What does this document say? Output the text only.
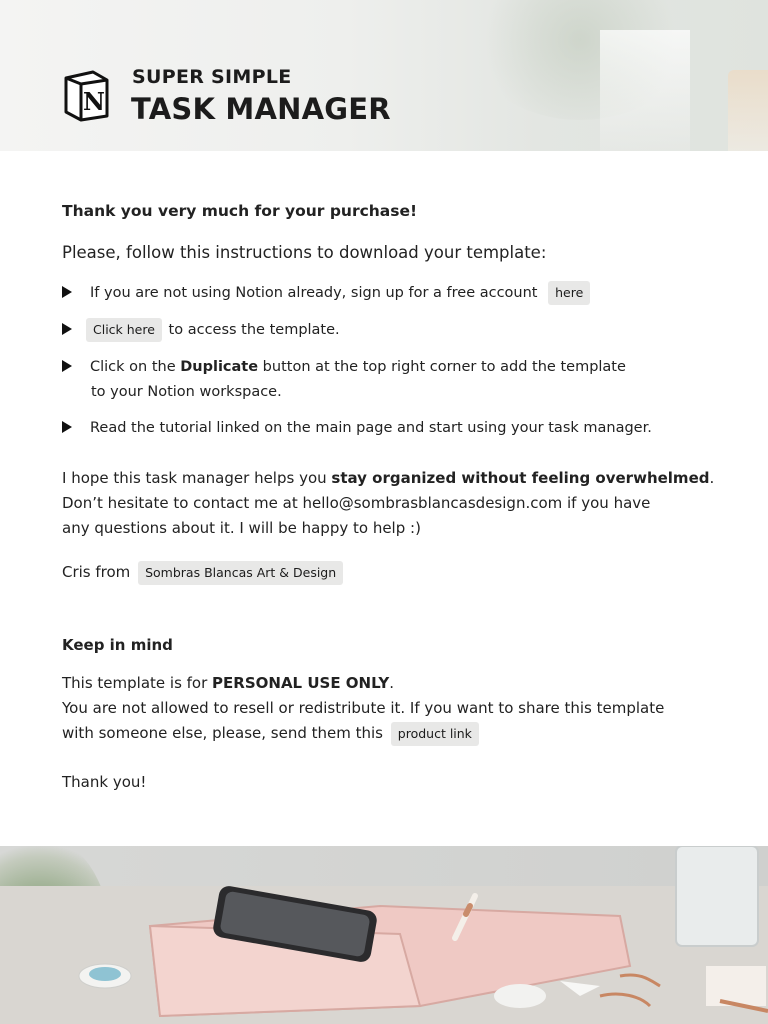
N
SUPER SIMPLE
TASK MANAGER
Thank you very much for your purchase!
Please, follow this instructions to download your template:
If you are not using Notion already, sign up for a free account here
Click here to access the template.
Click on the Duplicate button at the top right corner to add the template
to your Notion workspace.
Read the tutorial linked on the main page and start using your task manager.
I hope this task manager helps you stay organized without feeling overwhelmed.
Don’t hesitate to contact me at hello@sombrasblancasdesign.com if you have
any questions about it. I will be happy to help :)
Cris from Sombras Blancas Art & Design
Keep in mind
This template is for PERSONAL USE ONLY.
You are not allowed to resell or redistribute it. If you want to share this template
with someone else, please, send them this product link
Thank you!
